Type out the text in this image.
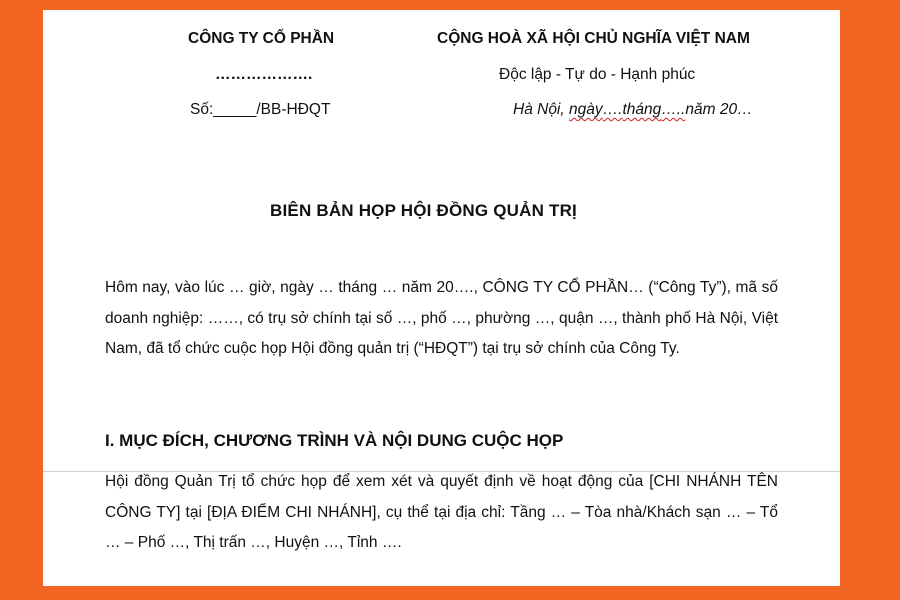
CÔNG TY CỔ PHẦN
……………….
Số:_____/BB-HĐQT
CỘNG HOÀ XÃ HỘI CHỦ NGHĨA VIỆT NAM
Độc lập - Tự do - Hạnh phúc
Hà Nội, ngày….tháng…..năm 20…
BIÊN BẢN HỌP HỘI ĐỒNG QUẢN TRỊ
Hôm nay, vào lúc … giờ, ngày … tháng … năm 20…., CÔNG TY CỔ PHẦN… (“Công Ty”), mã số doanh nghiệp: ……, có trụ sở chính tại số …, phố …, phường …, quận …, thành phố Hà Nội, Việt Nam, đã tổ chức cuộc họp Hội đồng quản trị (“HĐQT”) tại trụ sở chính của Công Ty.
I. MỤC ĐÍCH, CHƯƠNG TRÌNH VÀ NỘI DUNG CUỘC HỌP
Hội đồng Quản Trị tổ chức họp để xem xét và quyết định về hoạt động của [CHI NHÁNH TÊN CÔNG TY] tại [ĐỊA ĐIỂM CHI NHÁNH], cụ thể tại địa chỉ: Tầng … – Tòa nhà/Khách sạn … – Tổ … – Phố …, Thị trấn …, Huyện …, Tỉnh ….
